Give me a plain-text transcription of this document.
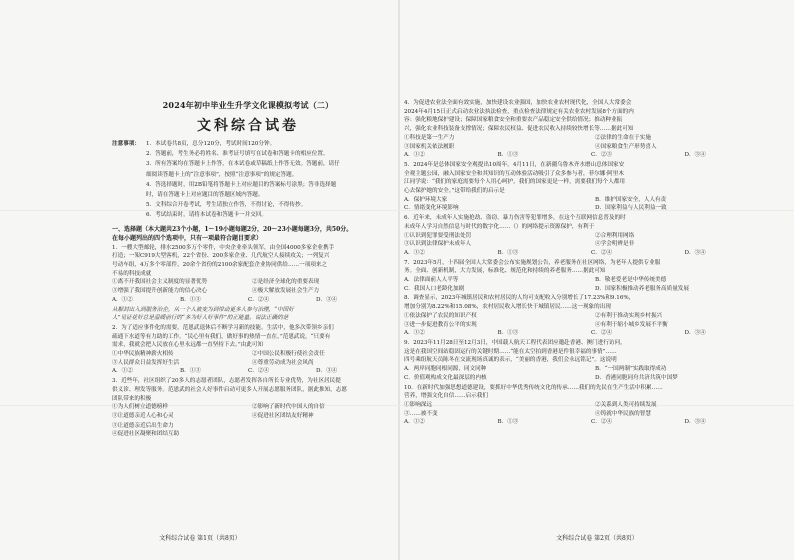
2024年初中毕业生升学文化课模拟考试（二）
文科综合试卷
注意事项：	1．本试卷共8页，总分120分，考试时间120分钟。
2．答题前，考生务必将姓名、准考证号填写在试卷和答题卡的相应位置。
3．所有答案均在答题卡上作答，在本试卷或草稿纸上作答无效。答题前，请仔
细阅读答题卡上的“注意事项”，按照“注意事项”的规定答题。
4．答选择题时，用2B铅笔将答题卡上对应题目的答案标号涂黑；答非选择题
时，请在答题卡上对应题目的答题区域内答题。
5．文科综合开卷考试，考生请独立作答，不得讨论，不得传抄。
6．考试结束时，请将本试卷和答题卡一并交回。
一、选择题（本大题共23个小题，1～19小题每题2分，20～23小题每题3分，共50分。
在每小题列出的四个选项中，只有一项最符合题目要求）

1．一艘大型邮轮，排水2500多万个零件，中央企业牵头领军，由全国4000多家企业携手

打造；一架C919大型客机，22个省份、200多家企业、几代航空人接续攻关；一列复兴

号动车组，4万多个零部件，20余个省份的2100余家配套企业协同供给……一项项来之

不易的科技成就

①离不开我国社会主义制度的显著优势	②是经济全球化的重要表现
③增强了我国提升创新能力的信心决心	④极大解放发展社会生产力
A．①②	B．①③	C．②④	D．③④

从解封出入到服务治企，从一个人被变为到带动更多人参与治理，“中国好

人”见证花好总是温暖前行的“多为好人好事件”的正能量。说法正确的是

2．为了适应事件化的需要，范恩武退休后不断学习新的技能。生活中，他多次带领乡亲们

疏通下水道等有力助的工作。“民心里有我们，做好事的热情一直在，”范恩武说，“只要有

需求，我就会把人民放在心里永远都一直坚持下去。”由此可知

①中华民族精神薪火相传	②中国公民积极行使社会责任
③人民群众日益发挥好生活	④尊重劳动成为社会风尚
A．①②	B．①③	C．②④	D．③④

3．近些年，社区组织了20多人的志愿者团队，志愿者发挥各自所长专业优势，为社区居民提

供义诊、理发等服务。范恩武的社会人好事件启动可更多人开展志愿服务团队，据此推知，志愿

团队带来的积极

①为人们树立道德榜样	②影响了新时代中国人的自信
③让道德亲近人心和心灵	④促进社区团结友好精神

③让道德亲近后出生命力

④促进社区凝聚和团结互助

文科综合试卷 第1页（共8页）

4．为促进农业法全面有效实施，加快建设农业强国，加快农业农村现代化，全国人大常委会

2024年4月15日正式启动农业法执法检查，重点检查法律规定有关农业农村发展8个方面的内

容：强化粮地保护建设；保障国家粮食安全和重要农产品稳定安全供给情况；推动种业振

兴，强化农业科技装备支撑情况；保障农民权益、促进农民收入持续较快增长等……据此可知

①科技是第一生产力	②法律的生命在于实施
③国家机关依法履职	④国家粮食生产形势喜人
A．①②	B．①③	C．②③	D．③④

5．2024年是总体国家安全观提出10周年。4月11日，在新疆乌鲁木齐水磨山总体国家安

全观主题公园，融入国家安全和其知识的互动体验活动吸引了众多参与者，菲尔娜·阿里木

江同学说：“我们的家庭需要每个人用心呵护，我们的国家更是一样，需要我们每个人都用

心去保护她的安全。”这带给我们的启示是

A．保护环境大家	B．维护国家安全，人人有责
C．情绪变化环境影响	D．国家利益与人民利益一致

6．近年来，未成年人实施抢劫、盗窃、暴力伤害等犯罪增多，在这个互联网信息普及的时

未成年人学习自然信息与时代的数字化……（）的网络提示资源保护，有利于

①认识到犯罪要受刑法处罚	②合理利用网络
③认识到法律保护未成年人	④学会明辨是非
A．①②	B．①③	C．②④	D．③④

7．2023年5月，十四届全国人大常委会公布实施规划公告，养老服务在社区网络，为老年人提供专业服

务。全面、创新机制，大力发展，标准化、规范化和持续的养老服务……据此可知

A．法律面前人人平等	B．敬老爱老是中华传统美德
C．我国人口老龄化加剧	D．国家积极推动养老服务高质量发展

8．调查显示，2023年城镇居民和农村居民的人均可支配收入分别增长了17.23%和9.16%，

增加分别为8.22%和15.08%，农村居民收入增长快于城镇居民……这一现象的出现

①依法保护了农民的知识产权	②有利于推动实现乡村振兴
③进一步促进教育公平的实现	④有利于缩小城乡发展不平衡
A．①②	B．①③	C．②④	D．③④

9．2023年11月28日至12月3日，中国载人航天工程代表团应邀赴香港、澳门进行访问，

这是在我国空间站稳固运行的关键时期……“能在太空拍到香港是件很幸福的事情”……

四号乘组航天员陈冬在交流现场真诚的表示，“美丽的香港，我们会永远铭记”。这说明

A．两岸同胞同根同源，同文同种	B．“一国两制”实践取得成功
C．价值观构成文化最深层的内核	D．香港同胞同舟共济共筑中国梦

10．在新时代加强思想道德建设，要抓好中华优秀传统文化的传承……我们的先民在生产生活中积累……

营养，增强文化自信……启示我们

①影响深远	②关系到人类可持续发展
③……被不变	④铸就中华民族的智慧
A．①②	B．①③	C．②④	D．③④
文科综合试卷 第2页（共8页）
